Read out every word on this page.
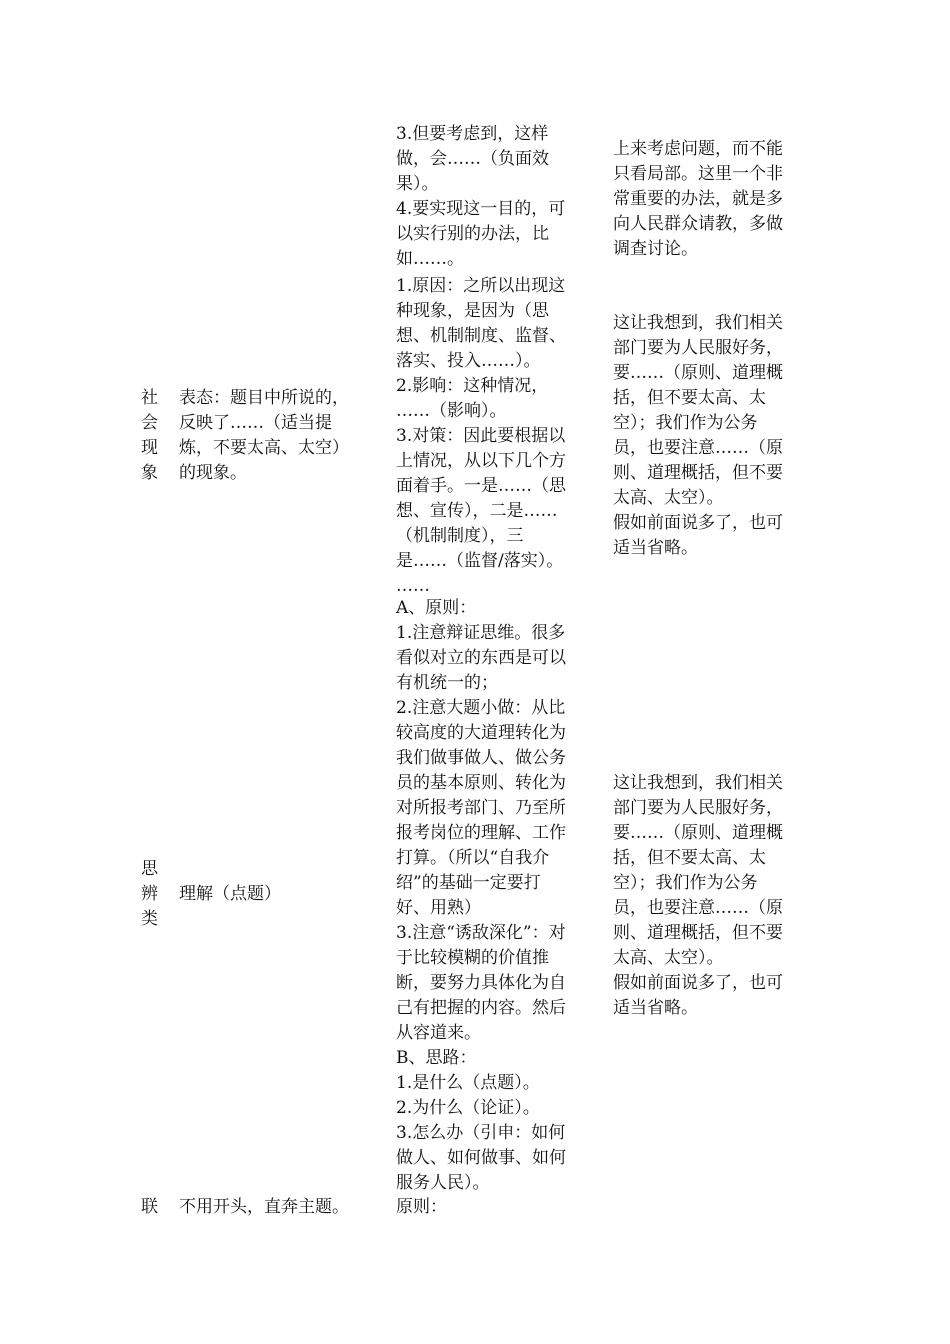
3.但要考虑到，这样
做，会……（负面效
果）。
4.要实现这一目的，可
以实行别的办法，比
如……。
上来考虑问题，而不能
只看局部。这里一个非
常重要的办法，就是多
向人民群众请教，多做
调查讨论。
社
会
现
象
表态：题目中所说的，
反映了……（适当提
炼，不要太高、太空）
的现象。
1.原因：之所以出现这
种现象，是因为（思
想、机制制度、监督、
落实、投入……）。
2.影响：这种情况，
……（影响）。
3.对策：因此要根据以
上情况，从以下几个方
面着手。一是……（思
想、宣传），二是……
（机制制度），三
是……（监督/落实）。
……
这让我想到，我们相关
部门要为人民服好务，
要……（原则、道理概
括，但不要太高、太
空）；我们作为公务
员，也要注意……（原
则、道理概括，但不要
太高、太空）。
假如前面说多了，也可
适当省略。
思
辨
类
理解（点题）
A、原则：
1.注意辩证思维。很多
看似对立的东西是可以
有机统一的；
2.注意大题小做：从比
较高度的大道理转化为
我们做事做人、做公务
员的基本原则、转化为
对所报考部门、乃至所
报考岗位的理解、工作
打算。（所以“自我介
绍”的基础一定要打
好、用熟）
3.注意“诱敌深化”：对
于比较模糊的价值推
断，要努力具体化为自
己有把握的内容。然后
从容道来。
B、思路：
1.是什么（点题）。
2.为什么（论证）。
3.怎么办（引申：如何
做人、如何做事、如何
服务人民）。
这让我想到，我们相关
部门要为人民服好务，
要……（原则、道理概
括，但不要太高、太
空）；我们作为公务
员，也要注意……（原
则、道理概括，但不要
太高、太空）。
假如前面说多了，也可
适当省略。
联	不用开头，直奔主题。	原则：
